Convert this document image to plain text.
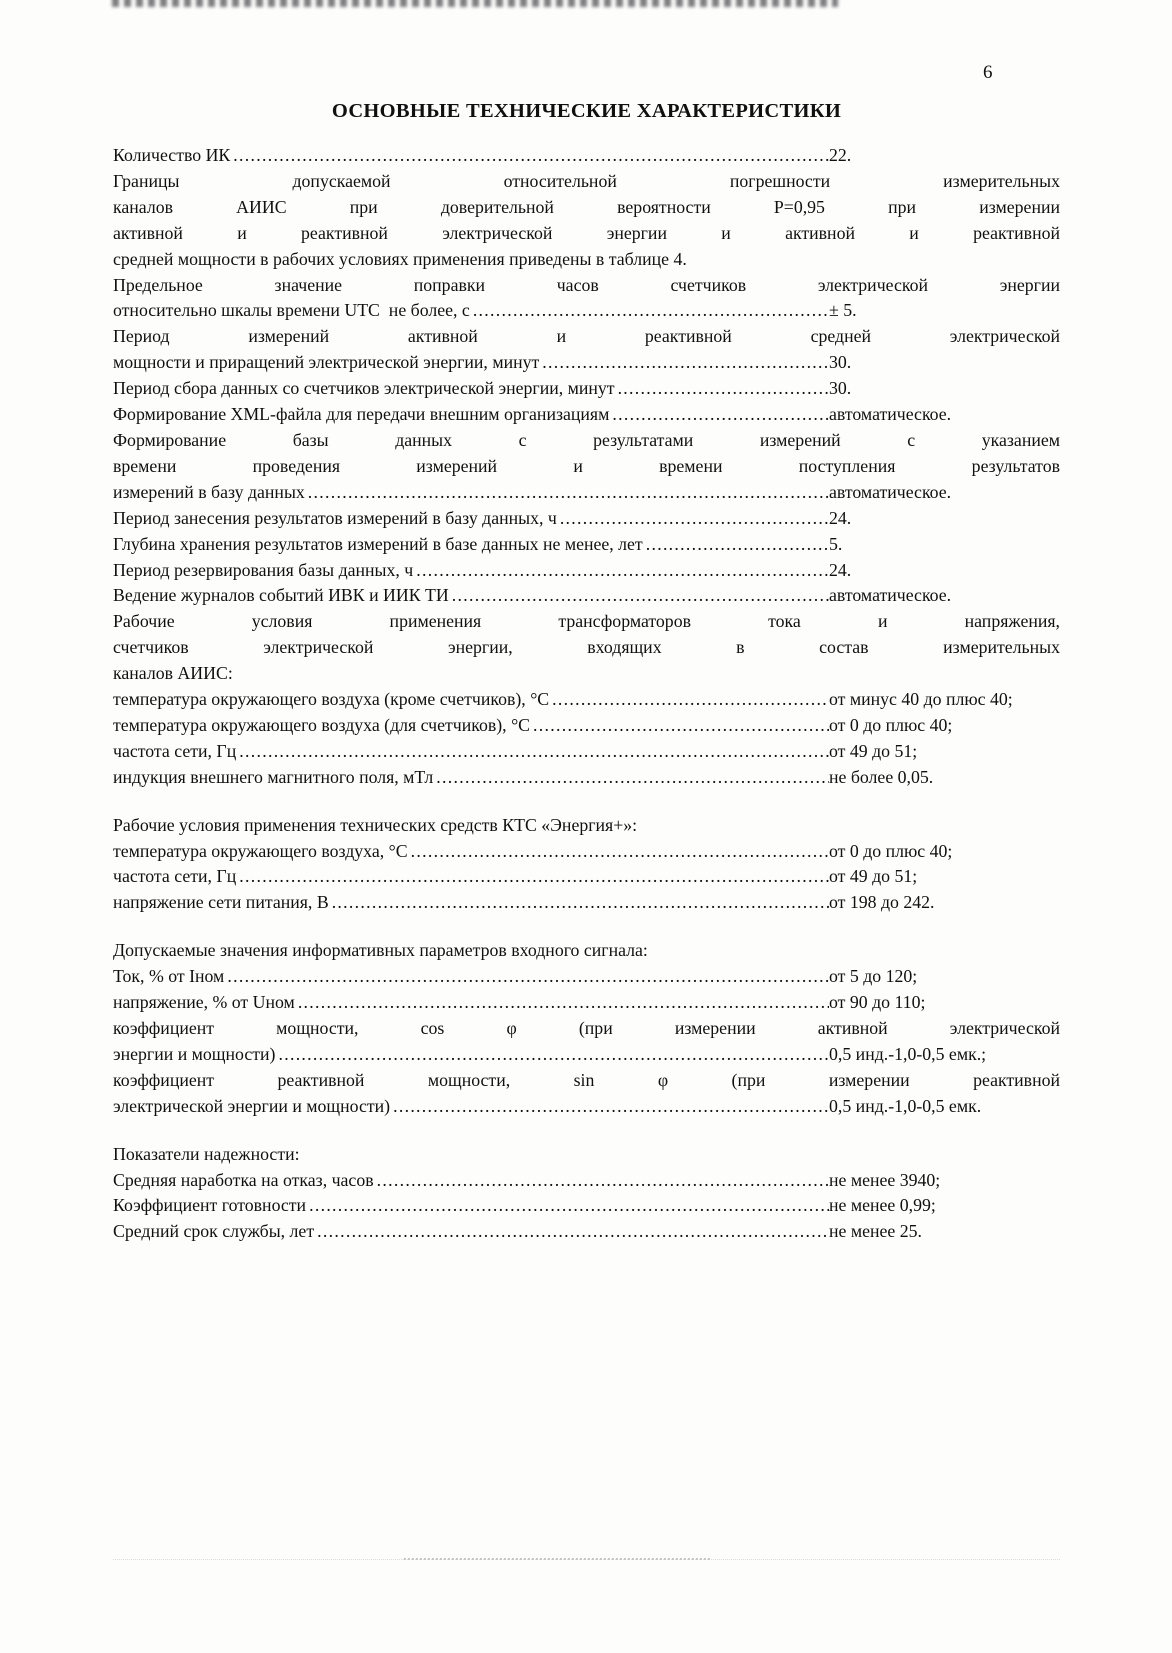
6
ОСНОВНЫЕ ТЕХНИЧЕСКИЕ ХАРАКТЕРИСТИКИ
Количество ИК .....	22.
Границы допускаемой относительной погрешности измерительных
каналов АИИС при доверительной вероятности Р=0,95 при измерении
активной и реактивной электрической энергии и активной и реактивной
средней мощности в рабочих условиях применения приведены в таблице 4.
Предельное значение поправки часов счетчиков электрической энергии
относительно шкалы времени UTC  не более, с .....	± 5.
Период измерений активной и реактивной средней электрической
мощности и приращений электрической энергии, минут .....	30.
Период сбора данных со счетчиков электрической энергии, минут .....	30.
Формирование XML-файла для передачи внешним организациям .....	автоматическое.
Формирование базы данных с результатами измерений с указанием
времени проведения измерений и времени поступления результатов
измерений в базу данных .....	автоматическое.
Период занесения результатов измерений в базу данных, ч .....	24.
Глубина хранения результатов измерений в базе данных не менее, лет .....	5.
Период резервирования базы данных, ч .....	24.
Ведение журналов событий ИВК и ИИК ТИ .....	автоматическое.
Рабочие условия применения трансформаторов тока и напряжения,
счетчиков электрической энергии, входящих в состав измерительных
каналов АИИС:
температура окружающего воздуха (кроме счетчиков), °С .....	от минус 40 до плюс 40;
температура окружающего воздуха (для счетчиков), °С .....	от 0 до плюс 40;
частота сети, Гц .....	от 49 до 51;
индукция внешнего магнитного поля, мТл .....	не более 0,05.
Рабочие условия применения технических средств КТС «Энергия+»:
температура окружающего воздуха, °С .....	от 0 до плюс 40;
частота сети, Гц .....	от 49 до 51;
напряжение сети питания, В .....	от 198 до 242.
Допускаемые значения информативных параметров входного сигнала:
Ток, % от Iном .....	от 5 до 120;
напряжение, % от Uном .....	от 90 до 110;
коэффициент мощности, cos φ (при измерении активной электрической
энергии и мощности) .....	0,5 инд.-1,0-0,5 емк.;
коэффициент реактивной мощности, sin φ (при измерении реактивной
электрической энергии и мощности) .....	0,5 инд.-1,0-0,5 емк.
Показатели надежности:
Средняя наработка на отказ, часов .....	не менее 3940;
Коэффициент готовности .....	не менее 0,99;
Средний срок службы, лет .....	не менее 25.
